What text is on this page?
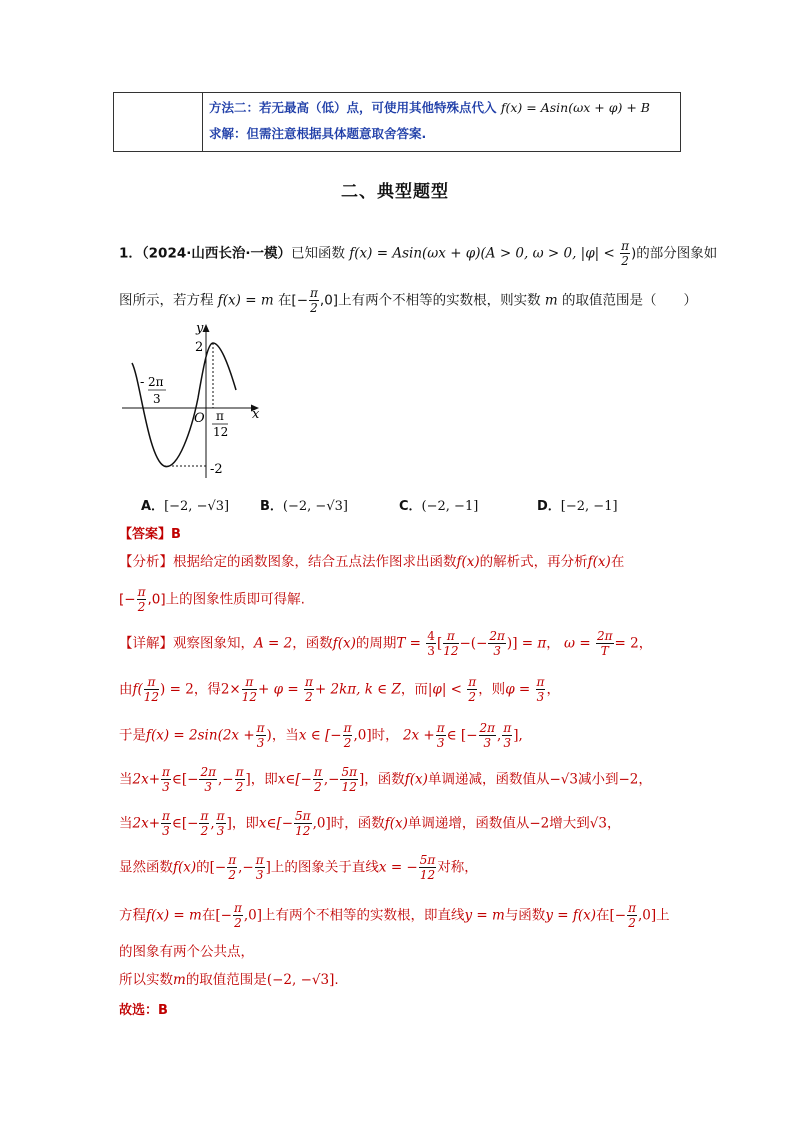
方法二：若无最高（低）点，可使用其他特殊点代入 f(x) = Asin(ωx + φ) + B
求解：但需注意根据具体题意取舍答案.
二、典型题型
1．（2024·山西长治·一模）已知函数 f(x) = Asin(ωx + φ)(A > 0, ω > 0, $|\varphi| < \frac{\pi}{2}$ )的部分图象如
图所示，若方程 f(x) = m 在[− $\frac{\pi}{2} ,0$]上有两个不相等的实数根，则实数 m 的取值范围是（　　）
y
x
O
2
-2
- 2π
3
π
12
A．[−2, −√3] B．(−2, −√3]	C．(−2, −1]	D．[−2, −1]
【答案】B
【分析】根据给定的函数图象，结合五点法作图求出函数f(x)的解析式，再分析f(x)在
[− $\frac{\pi}{2} ,0$]上的图象性质即可得解.
【详解】观察图象知，A = 2，函数f(x)的周期$T = \frac{4}{3}$ [ $\frac{\pi}{12}$ −(− $\frac{2\pi}{3}$ )] = π， $\omega = \frac{2\pi}{T} = 2$，
由$f( \frac{\pi}{12}$ ) = 2，得$2\times \frac{\pi}{12} + \varphi = \frac{\pi}{2} + 2k\pi$, k ∈ Z，而$|\varphi| < \frac{\pi}{2}$ ，则$\varphi = \frac{\pi}{3}$ ，
于是$f(x) = 2\sin(2x + \frac{\pi}{3}$ )，当x ∈ [− $\frac{\pi}{2} ,0$]时， $2x + \frac{\pi}{3}$ ∈ [− $\frac{2\pi}{3}$ , $\frac{\pi}{3}$ ],
当$2x+ \frac{\pi}{3}$ ∈[− $\frac{2\pi}{3}$ ,− $\frac{\pi}{2}$ ]，即x∈[− $\frac{\pi}{2}$ ,− $\frac{5\pi}{12}$ ]，函数f(x)单调递减，函数值从−√3减小到−2，
当$2x+ \frac{\pi}{3}$ ∈[− $\frac{\pi}{2}$ , $\frac{\pi}{3}$ ]，即x∈[− $\frac{5\pi}{12} ,0$]时，函数f(x)单调递增，函数值从−2增大到√3，
显然函数f(x)的[− $\frac{\pi}{2}$ ,− $\frac{\pi}{3}$ ]上的图象关于直线x = − $\frac{5\pi}{12}$ 对称，
方程f(x) = m在[− $\frac{\pi}{2} ,0$]上有两个不相等的实数根，即直线y = m与函数y = f(x)在[− $\frac{\pi}{2} ,0$]上
的图象有两个公共点，
所以实数m的取值范围是(−2, −√3].
故选：B
